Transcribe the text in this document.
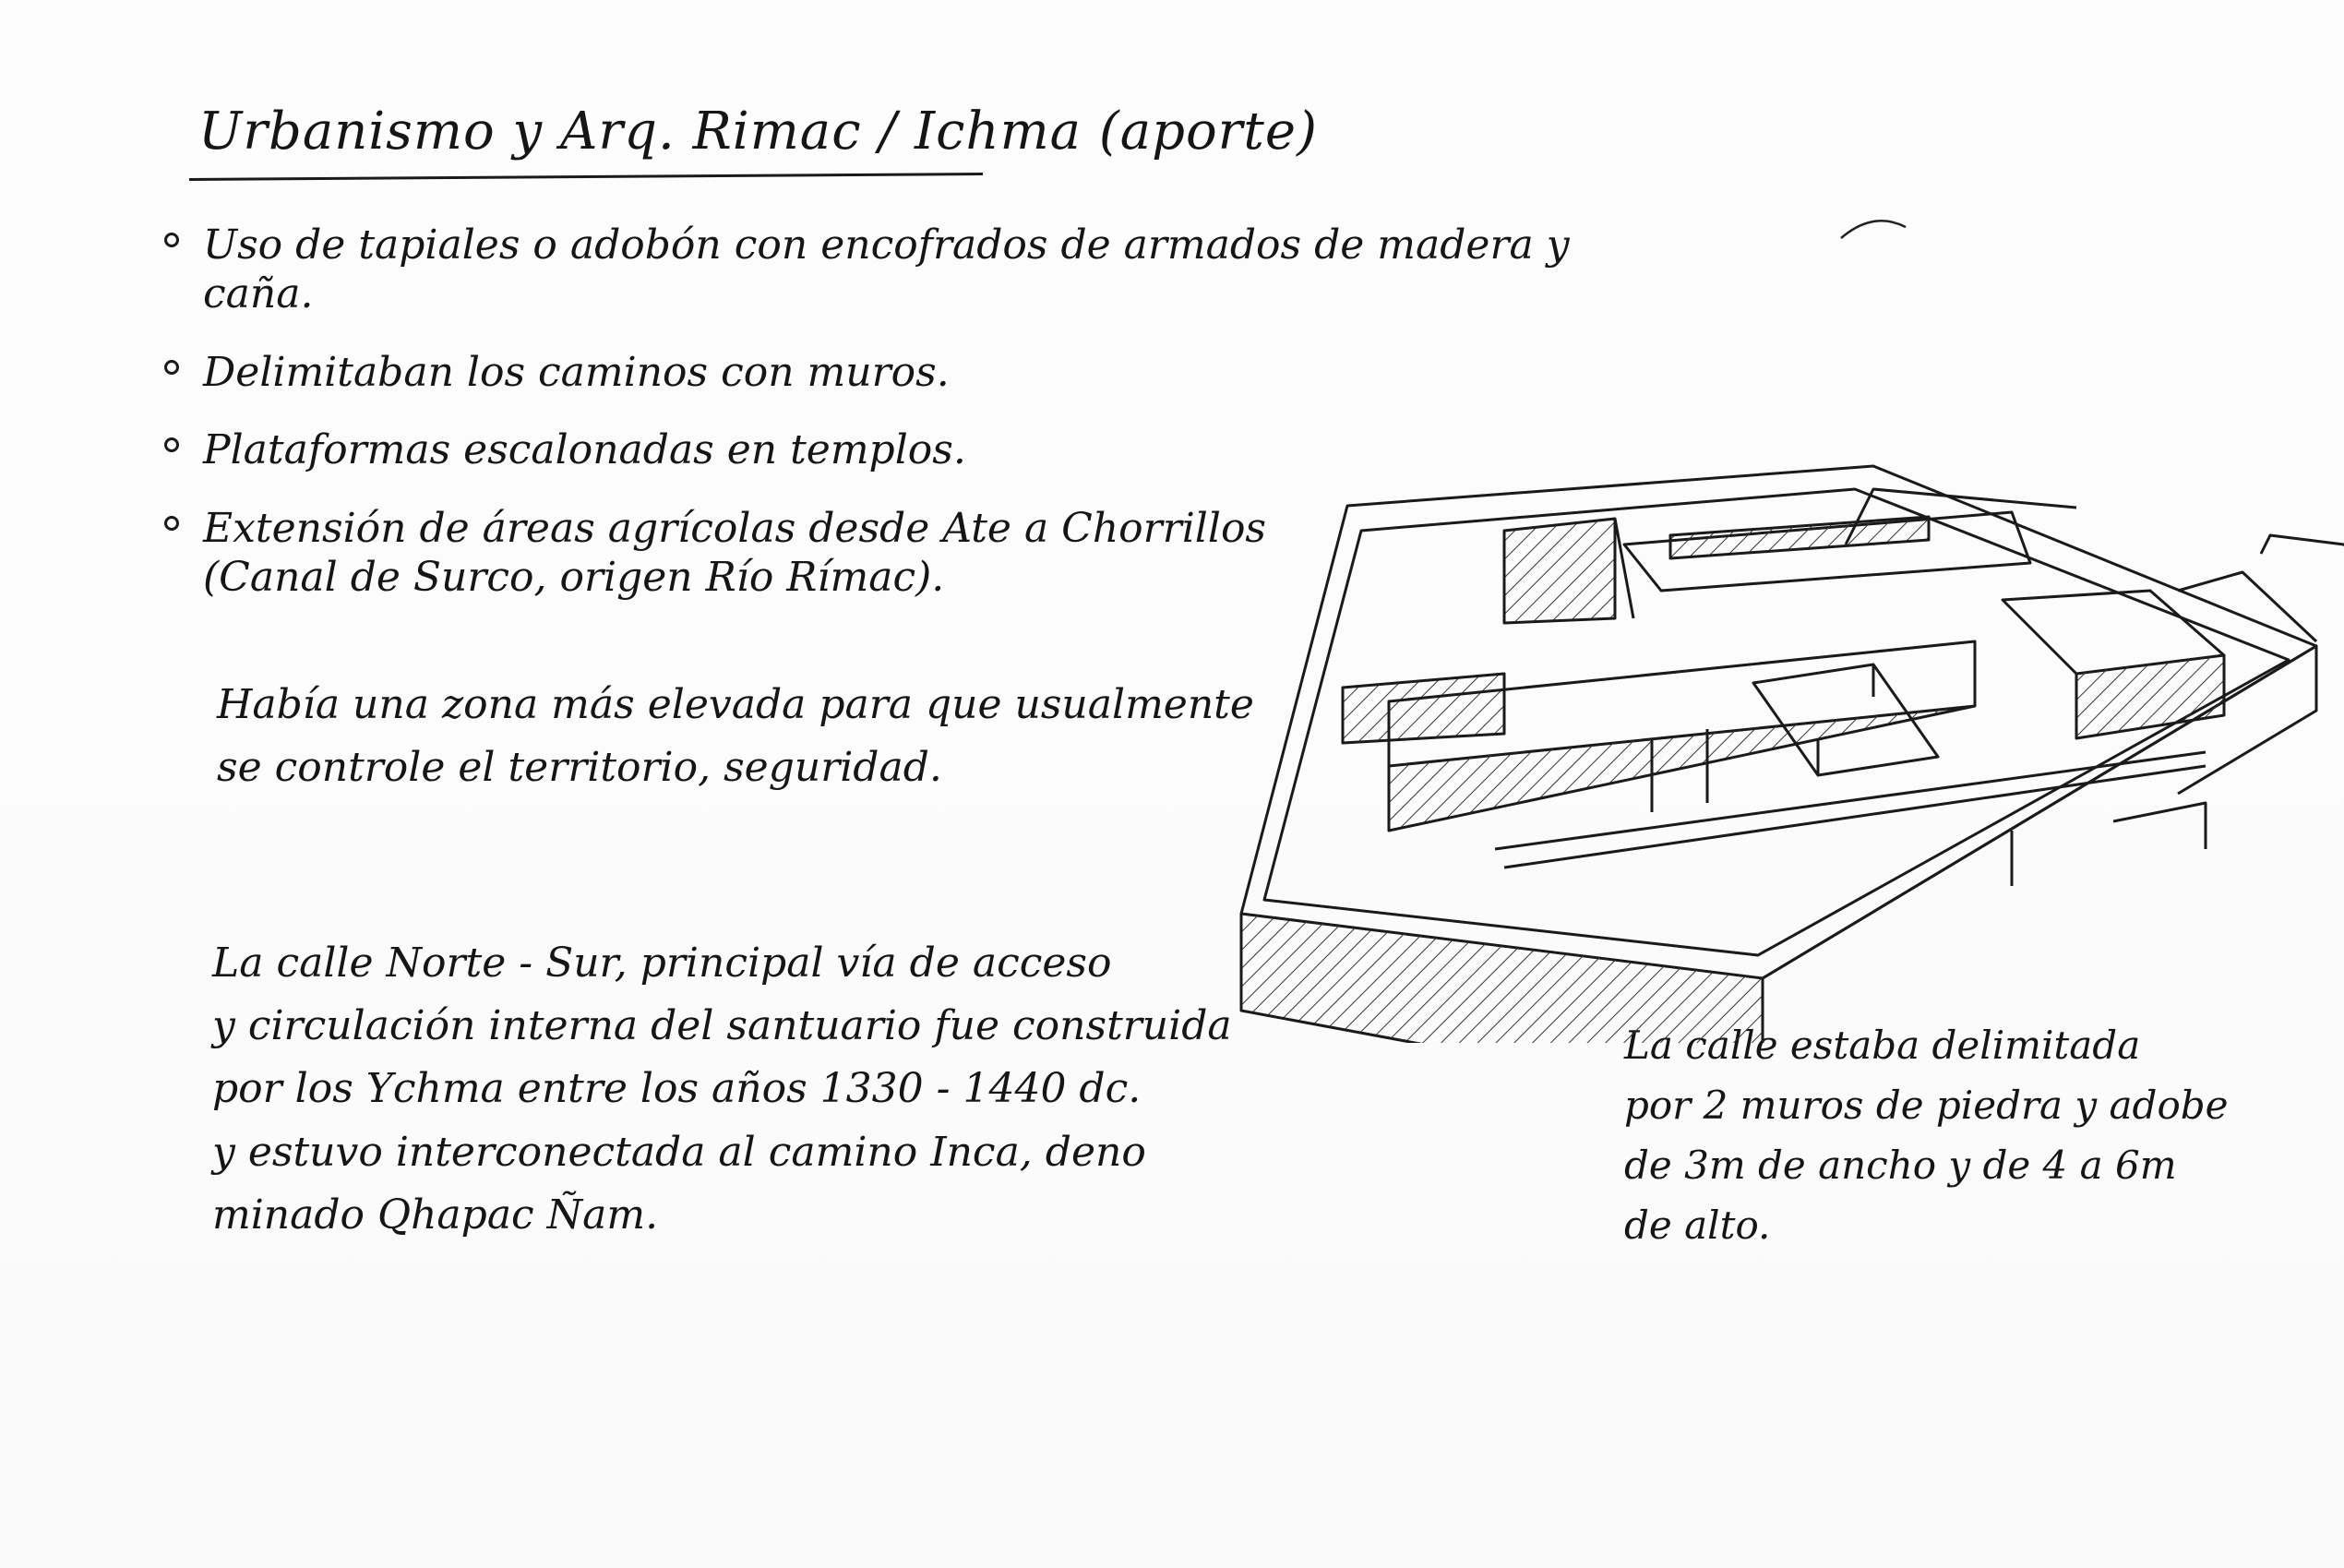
Urbanismo y Arq. Rimac / Ichma (aporte)
Uso de tapiales o adobón con encofrados de armados de madera y caña.
Delimitaban los caminos con muros.
Plataformas escalonadas en templos.
Extensión de áreas agrícolas desde Ate a Chorrillos
(Canal de Surco, origen Río Rímac).
Había una zona más elevada para que usualmente
se controle el territorio, seguridad.
La calle Norte - Sur, principal vía de acceso
y circulación interna del santuario fue construida
por los Ychma entre los años 1330 - 1440 dc.
y estuvo interconectada al camino Inca, deno
minado Qhapac Ñam.
La calle estaba delimitada
por 2 muros de piedra y adobe
de 3m de ancho y de 4 a 6m
de alto.
